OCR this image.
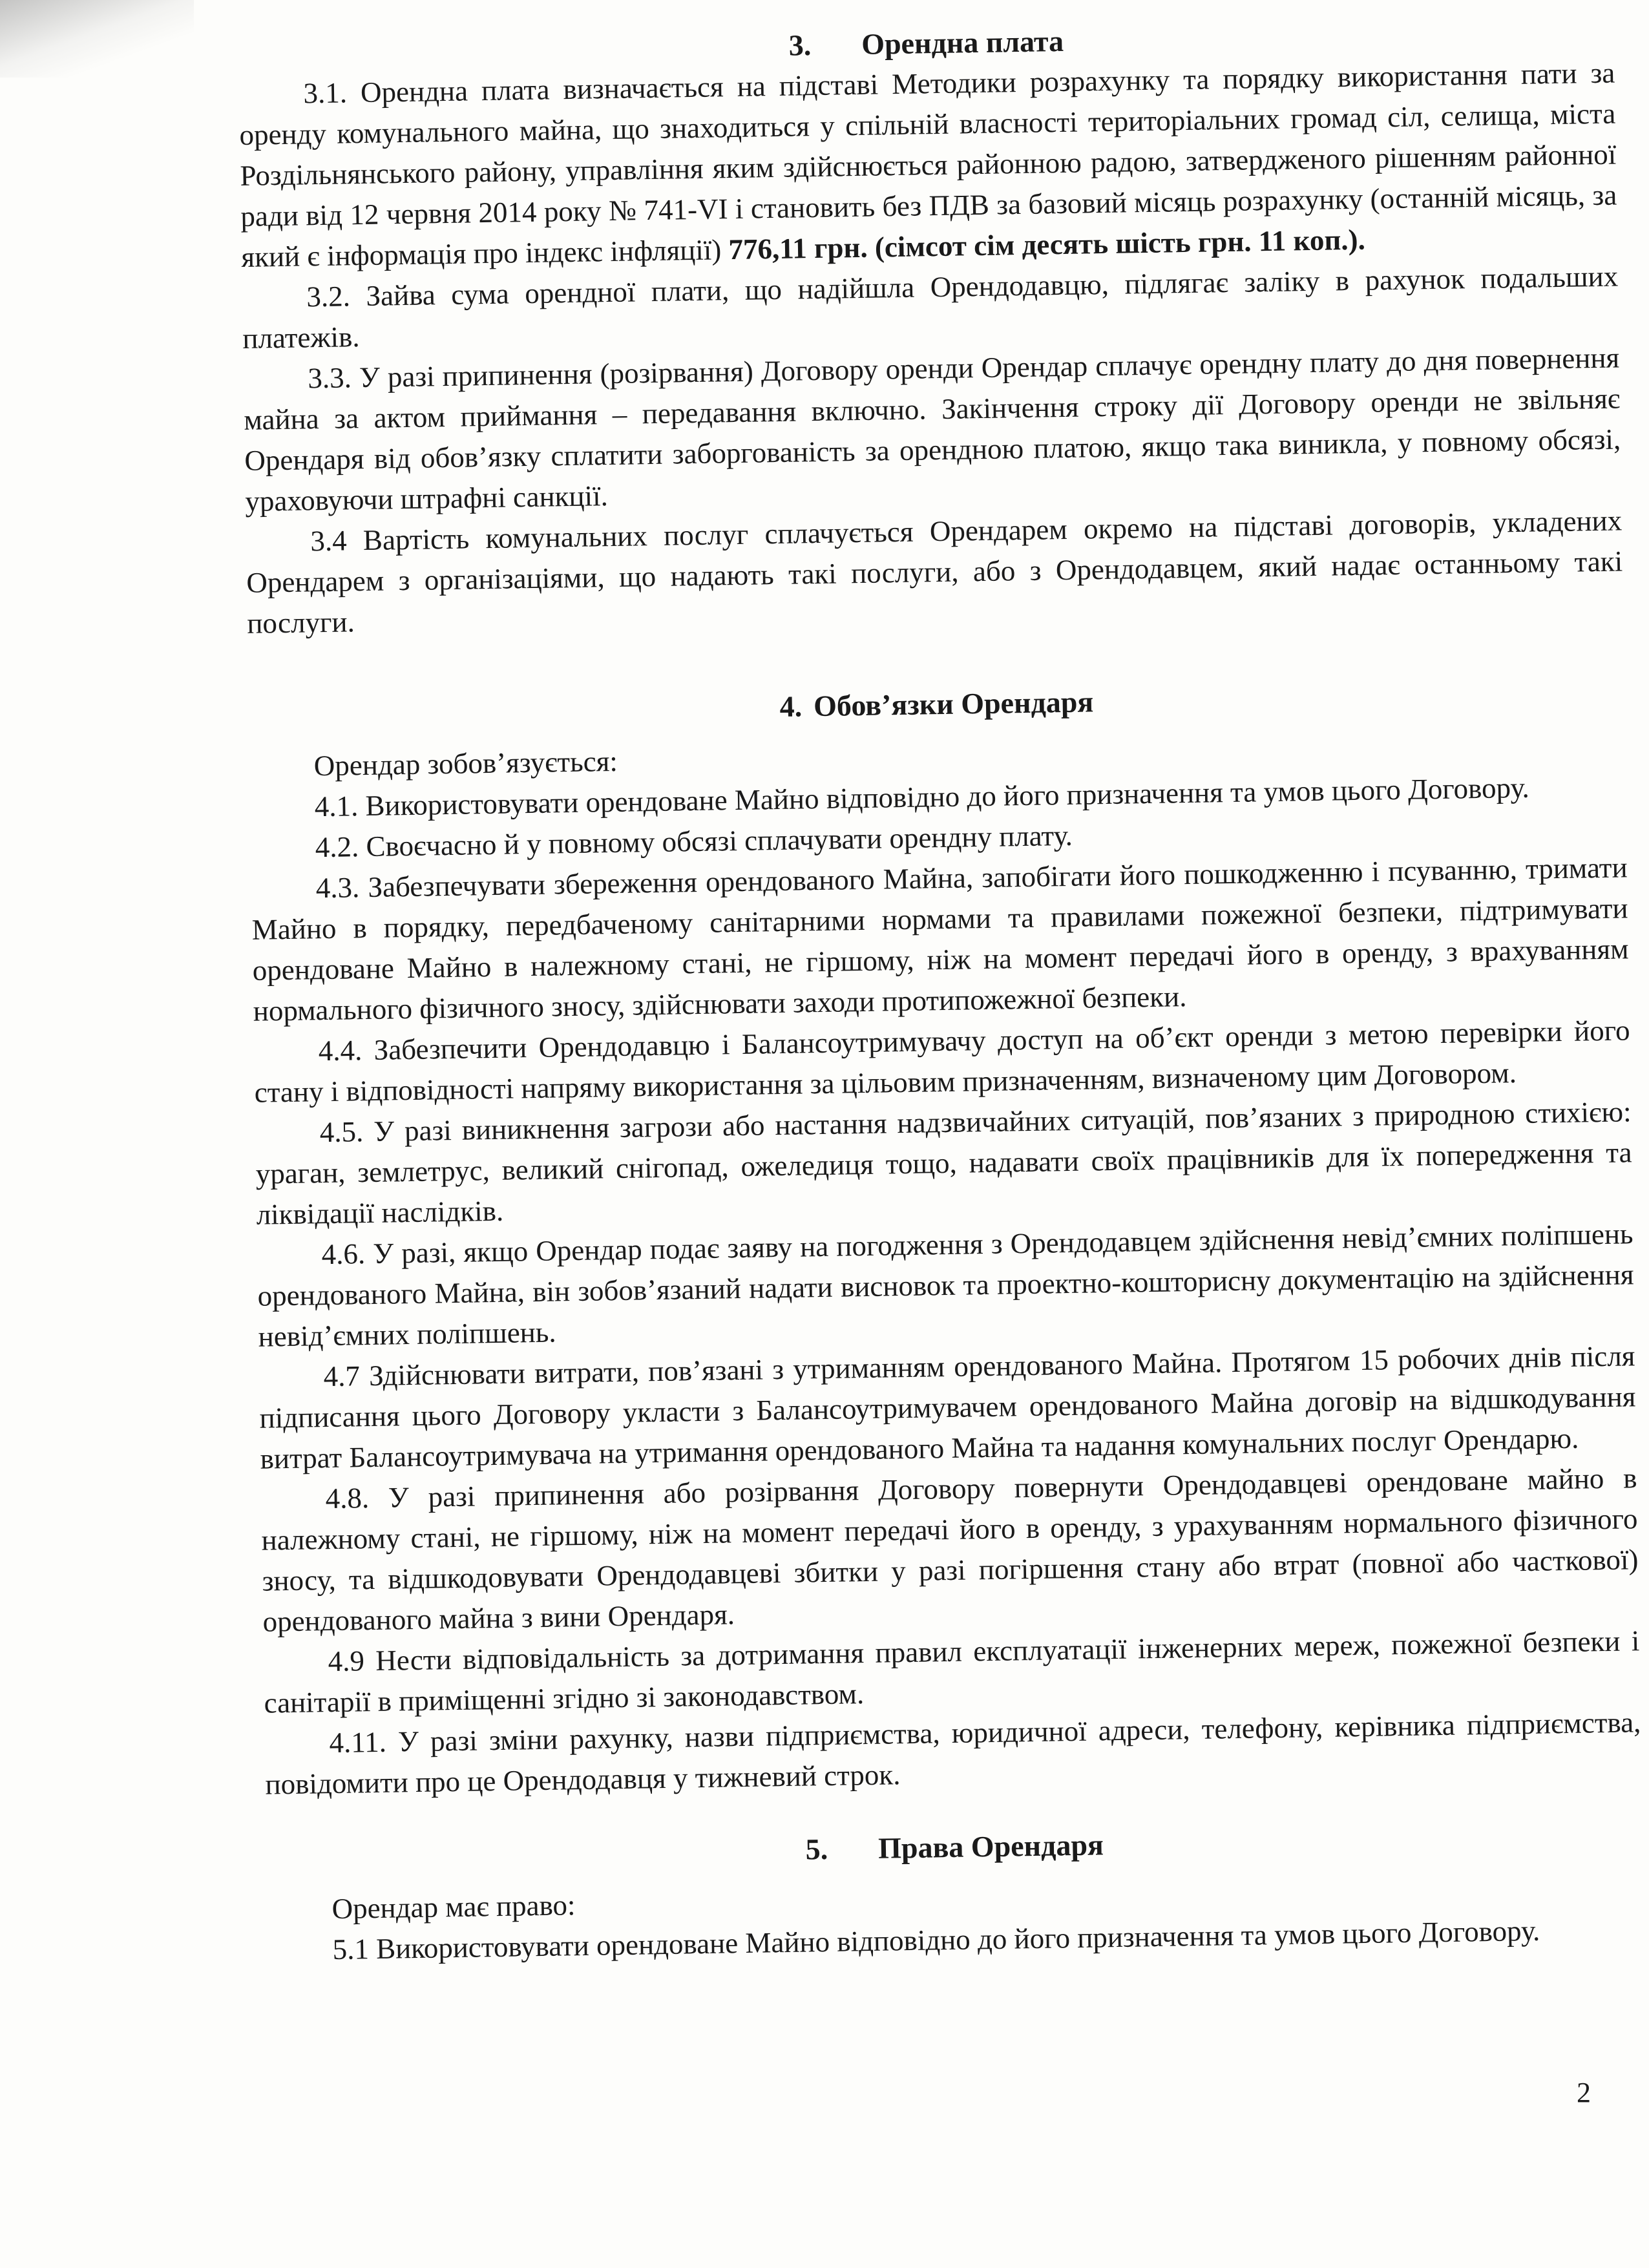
3. Орендна плата

3.1. Орендна плата визначається на підставі Методики розрахунку та порядку використання пати за оренду комунального майна, що знаходиться у спільній власності територіальних громад сіл, селища, міста Роздільнянського району, управління яким здійснюється районною радою, затвердженого рішенням районної ради від 12 червня 2014 року № 741-VI і становить без ПДВ за базовий місяць розрахунку (останній місяць, за який є інформація про індекс інфляції) 776,11 грн. (сімсот сім десять шість грн. 11 коп.).

3.2. Зайва сума орендної плати, що надійшла Орендодавцю, підлягає заліку в рахунок подальших платежів.

3.3. У разі припинення (розірвання) Договору оренди Орендар сплачує орендну плату до дня повернення майна за актом приймання – передавання включно. Закінчення строку дії Договору оренди не звільняє Орендаря від обов’язку сплатити заборгованість за орендною платою, якщо така виникла, у повному обсязі, ураховуючи штрафні санкції.

3.4 Вартість комунальних послуг сплачується Орендарем окремо на підставі договорів, укладених Орендарем з організаціями, що надають такі послуги, або з Орендодавцем, який надає останньому такі послуги.

4. Обов’язки Орендаря

Орендар зобов’язується:

4.1. Використовувати орендоване Майно відповідно до його призначення та умов цього Договору.

4.2. Своєчасно й у повному обсязі сплачувати орендну плату.

4.3. Забезпечувати збереження орендованого Майна, запобігати його пошкодженню і псуванню, тримати Майно в порядку, передбаченому санітарними нормами та правилами пожежної безпеки, підтримувати орендоване Майно в належному стані, не гіршому, ніж на момент передачі його в оренду, з врахуванням нормального фізичного зносу, здійснювати заходи протипожежної безпеки.

4.4. Забезпечити Орендодавцю і Балансоутримувачу доступ на об’єкт оренди з метою перевірки його стану і відповідності напряму використання за цільовим призначенням, визначеному цим Договором.

4.5. У разі виникнення загрози або настання надзвичайних ситуацій, пов’язаних з природною стихією: ураган, землетрус, великий снігопад, ожеледиця тощо, надавати своїх працівників для їх попередження та ліквідації наслідків.

4.6. У разі, якщо Орендар подає заяву на погодження з Орендодавцем здійснення невід’ємних поліпшень орендованого Майна, він зобов’язаний надати висновок та проектно-кошторисну документацію на здійснення невід’ємних поліпшень.

4.7 Здійснювати витрати, пов’язані з утриманням орендованого Майна. Протягом 15 робочих днів після підписання цього Договору укласти з Балансоутримувачем орендованого Майна договір на відшкодування витрат Балансоутримувача на утримання орендованого Майна та надання комунальних послуг Орендарю.

4.8. У разі припинення або розірвання Договору повернути Орендодавцеві орендоване майно в належному стані, не гіршому, ніж на момент передачі його в оренду, з урахуванням нормального фізичного зносу, та відшкодовувати Орендодавцеві збитки у разі погіршення стану або втрат (повної або часткової) орендованого майна з вини Орендаря.

4.9 Нести відповідальність за дотримання правил експлуатації інженерних мереж, пожежної безпеки і санітарії в приміщенні згідно зі законодавством.

4.11. У разі зміни рахунку, назви підприємства, юридичної адреси, телефону, керівника підприємства, повідомити про це Орендодавця у тижневий строк.

5. Права Орендаря

Орендар має право:

5.1 Використовувати орендоване Майно відповідно до його призначення та умов цього Договору.

2
